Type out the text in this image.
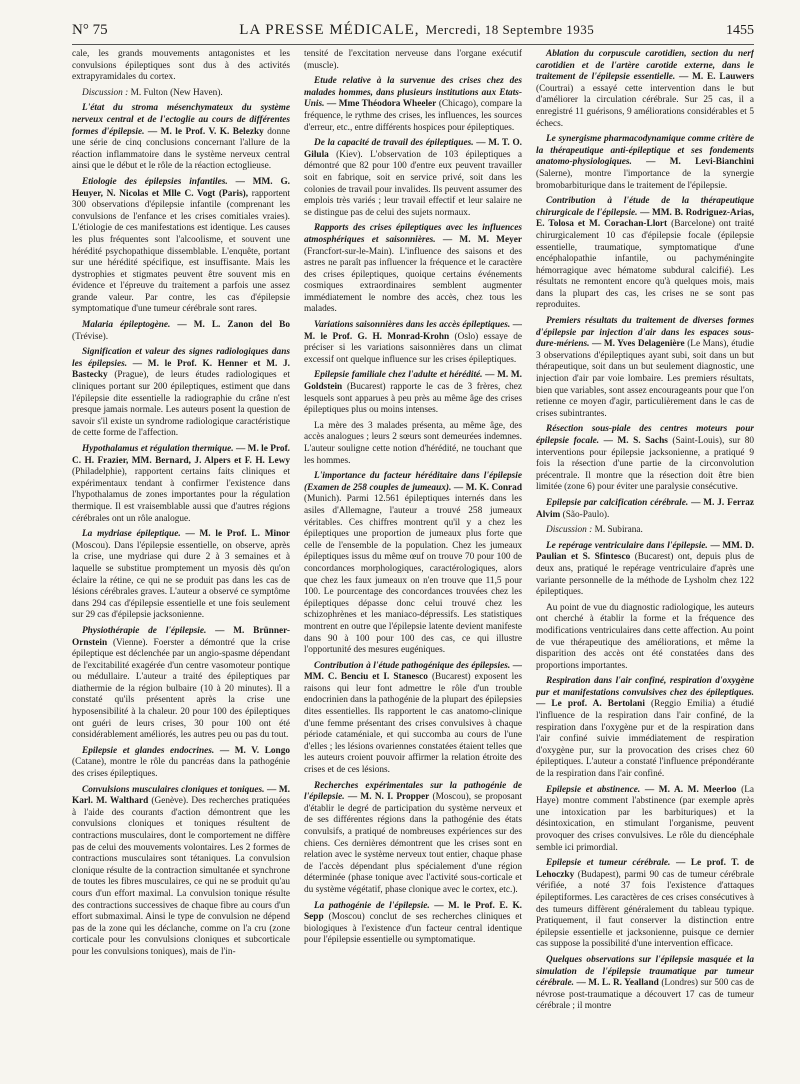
N° 75	LA PRESSE MÉDICALE, Mercredi, 18 Septembre 1935	1455

cale, les grands mouvements antagonistes et les convulsions épileptiques sont dus à des activités extrapyramidales du cortex.

Discussion : M. Fulton (New Haven).

L'état du stroma mésenchymateux du système nerveux central et de l'ectoglie au cours de différentes formes d'épilepsie. — M. le Prof. V. K. Belezky donne une série de cinq conclusions concernant l'allure de la réaction inflammatoire dans le système nerveux central ainsi que le début et le rôle de la réaction ectoglieuse.

Etiologie des épilepsies infantiles. — MM. G. Heuyer, N. Nicolas et Mlle C. Vogt (Paris), rapportent 300 observations d'épilepsie infantile (comprenant les convulsions de l'enfance et les crises comitiales vraies). L'étiologie de ces manifestations est identique. Les causes les plus fréquentes sont l'alcoolisme, et souvent une hérédité psychopathique dissemblable. L'enquête, portant sur une hérédité spécifique, est insuffisante. Mais les dystrophies et stigmates peuvent être souvent mis en évidence et l'épreuve du traitement a parfois une assez grande valeur. Par contre, les cas d'épilepsie symptomatique d'une tumeur cérébrale sont rares.

Malaria épileptogène. — M. L. Zanon del Bo (Trévise).

Signification et valeur des signes radiologiques dans les épilepsies. — M. le Prof. K. Henner et M. J. Bastecky (Prague), de leurs études radiologiques et cliniques portant sur 200 épileptiques, estiment que dans l'épilepsie dite essentielle la radiographie du crâne n'est presque jamais normale. Les auteurs posent la question de savoir s'il existe un syndrome radiologique caractéristique de cette forme de l'affection.

Hypothalamus et régulation thermique. — M. le Prof. C. H. Frazier, MM. Bernard, J. Alpers et F. H. Lewy (Philadelphie), rapportent certains faits cliniques et expérimentaux tendant à confirmer l'existence dans l'hypothalamus de zones importantes pour la régulation thermique. Il est vraisemblable aussi que d'autres régions cérébrales ont un rôle analogue.

La mydriase épileptique. — M. le Prof. L. Minor (Moscou). Dans l'épilepsie essentielle, on observe, après la crise, une mydriase qui dure 2 à 3 semaines et à laquelle se substitue promptement un myosis dès qu'on éclaire la rétine, ce qui ne se produit pas dans les cas de lésions cérébrales graves. L'auteur a observé ce symptôme dans 294 cas d'épilepsie essentielle et une fois seulement sur 29 cas d'épilepsie jacksonienne.

Physiothérapie de l'épilepsie. — M. Brünner-Ornstein (Vienne). Foerster a démontré que la crise épileptique est déclenchée par un angio-spasme dépendant de l'excitabilité exagérée d'un centre vasomoteur pontique ou médullaire. L'auteur a traité des épileptiques par diathermie de la région bulbaire (10 à 20 minutes). Il a constaté qu'ils présentent après la crise une hyposensibilité à la chaleur. 20 pour 100 des épileptiques ont guéri de leurs crises, 30 pour 100 ont été considérablement améliorés, les autres peu ou pas du tout.

Epilepsie et glandes endocrines. — M. V. Longo (Catane), montre le rôle du pancréas dans la pathogénie des crises épileptiques.

Convulsions musculaires cloniques et toniques. — M. Karl. M. Walthard (Genève). Des recherches pratiquées à l'aide des courants d'action démontrent que les convulsions cloniques et toniques résultent de contractions musculaires, dont le comportement ne diffère pas de celui des mouvements volontaires. Les 2 formes de contractions musculaires sont tétaniques. La convulsion clonique résulte de la contraction simultanée et synchrone de toutes les fibres musculaires, ce qui ne se produit qu'au cours d'un effort maximal. La convulsion tonique résulte des contractions successives de chaque fibre au cours d'un effort submaximal. Ainsi le type de convulsion ne dépend pas de la zone qui les déclanche, comme on l'a cru (zone corticale pour les convulsions cloniques et subcorticale pour les convulsions toniques), mais de l'in-

tensité de l'excitation nerveuse dans l'organe exécutif (muscle).

Etude relative à la survenue des crises chez des malades hommes, dans plusieurs institutions aux Etats-Unis. — Mme Théodora Wheeler (Chicago), compare la fréquence, le rythme des crises, les influences, les sources d'erreur, etc., entre différents hospices pour épileptiques.

De la capacité de travail des épileptiques. — M. T. O. Gilula (Kiev). L'observation de 103 épileptiques a démontré que 82 pour 100 d'entre eux peuvent travailler soit en fabrique, soit en service privé, soit dans les colonies de travail pour invalides. Ils peuvent assumer des emplois très variés ; leur travail effectif et leur salaire ne se distingue pas de celui des sujets normaux.

Rapports des crises épileptiques avec les influences atmosphériques et saisonnières. — M. M. Meyer (Francfort-sur-le-Main). L'influence des saisons et des astres ne paraît pas influencer la fréquence et le caractère des crises épileptiques, quoique certains événements cosmiques extraordinaires semblent augmenter immédiatement le nombre des accès, chez tous les malades.

Variations saisonnières dans les accès épileptiques. — M. le Prof. G. H. Monrad-Krohn (Oslo) essaye de préciser si les variations saisonnières dans un climat excessif ont quelque influence sur les crises épileptiques.

Epilepsie familiale chez l'adulte et hérédité. — M. M. Goldstein (Bucarest) rapporte le cas de 3 frères, chez lesquels sont apparues à peu près au même âge des crises épileptiques plus ou moins intenses.

La mère des 3 malades présenta, au même âge, des accès analogues ; leurs 2 sœurs sont demeurées indemnes. L'auteur souligne cette notion d'hérédité, ne touchant que les hommes.

L'importance du facteur héréditaire dans l'épilepsie (Examen de 258 couples de jumeaux). — M. K. Conrad (Munich). Parmi 12.561 épileptiques internés dans les asiles d'Allemagne, l'auteur a trouvé 258 jumeaux véritables. Ces chiffres montrent qu'il y a chez les épileptiques une proportion de jumeaux plus forte que celle de l'ensemble de la population. Chez les jumeaux épileptiques issus du même œuf on trouve 70 pour 100 de concordances morphologiques, caractérologiques, alors que chez les faux jumeaux on n'en trouve que 11,5 pour 100. Le pourcentage des concordances trouvées chez les épileptiques dépasse donc celui trouvé chez les schizophrènes et les maniaco-dépressifs. Les statistiques montrent en outre que l'épilepsie latente devient manifeste dans 90 à 100 pour 100 des cas, ce qui illustre l'opportunité des mesures eugéniques.

Contribution à l'étude pathogénique des épilepsies. — MM. C. Benciu et I. Stanesco (Bucarest) exposent les raisons qui leur font admettre le rôle d'un trouble endocrinien dans la pathogénie de la plupart des épilepsies dites essentielles. Ils rapportent le cas anatomo-clinique d'une femme présentant des crises convulsives à chaque période cataméniale, et qui succomba au cours de l'une d'elles ; les lésions ovariennes constatées étaient telles que les auteurs croient pouvoir affirmer la relation étroite des crises et de ces lésions.

Recherches expérimentales sur la pathogénie de l'épilepsie. — M. N. I. Propper (Moscou), se proposant d'établir le degré de participation du système nerveux et de ses différentes régions dans la pathogénie des états convulsifs, a pratiqué de nombreuses expériences sur des chiens. Ces dernières démontrent que les crises sont en relation avec le système nerveux tout entier, chaque phase de l'accès dépendant plus spécialement d'une région déterminée (phase tonique avec l'activité sous-corticale et du système végétatif, phase clonique avec le cortex, etc.).

La pathogénie de l'épilepsie. — M. le Prof. E. K. Sepp (Moscou) conclut de ses recherches cliniques et biologiques à l'existence d'un facteur central identique pour l'épilepsie essentielle ou symptomatique.

Ablation du corpuscule carotidien, section du nerf carotidien et de l'artère carotide externe, dans le traitement de l'épilepsie essentielle. — M. E. Lauwers (Courtrai) a essayé cette intervention dans le but d'améliorer la circulation cérébrale. Sur 25 cas, il a enregistré 11 guérisons, 9 améliorations considérables et 5 échecs.

Le synergisme pharmacodynamique comme critère de la thérapeutique anti-épileptique et ses fondements anatomo-physiologiques. — M. Levi-Bianchini (Salerne), montre l'importance de la synergie bromobarbiturique dans le traitement de l'épilepsie.

Contribution à l'étude de la thérapeutique chirurgicale de l'épilepsie. — MM. B. Rodriguez-Arias, E. Tolosa et M. Corachan-Llort (Barcelone) ont traité chirurgicalement 10 cas d'épilepsie focale (épilepsie essentielle, traumatique, symptomatique d'une encéphalopathie infantile, ou pachyméningite hémorragique avec hématome subdural calcifié). Les résultats ne remontent encore qu'à quelques mois, mais dans la plupart des cas, les crises ne se sont pas reproduites.

Premiers résultats du traitement de diverses formes d'épilepsie par injection d'air dans les espaces sous-dure-mériens. — M. Yves Delagenière (Le Mans), étudie 3 observations d'épileptiques ayant subi, soit dans un but thérapeutique, soit dans un but seulement diagnostic, une injection d'air par voie lombaire. Les premiers résultats, bien que variables, sont assez encourageants pour que l'on retienne ce moyen d'agir, particulièrement dans le cas de crises subintrantes.

Résection sous-piale des centres moteurs pour épilepsie focale. — M. S. Sachs (Saint-Louis), sur 80 interventions pour épilepsie jacksonienne, a pratiqué 9 fois la résection d'une partie de la circonvolution précentrale. Il montre que la résection doit être bien limitée (zone 6) pour éviter une paralysie consécutive.

Epilepsie par calcification cérébrale. — M. J. Ferraz Alvim (São-Paulo).

Discussion : M. Subirana.

Le repérage ventriculaire dans l'épilepsie. — MM. D. Paulian et S. Sfintesco (Bucarest) ont, depuis plus de deux ans, pratiqué le repérage ventriculaire d'après une variante personnelle de la méthode de Lysholm chez 122 épileptiques.

Au point de vue du diagnostic radiologique, les auteurs ont cherché à établir la forme et la fréquence des modifications ventriculaires dans cette affection. Au point de vue thérapeutique des améliorations, et même la disparition des accès ont été constatées dans des proportions importantes.

Respiration dans l'air confiné, respiration d'oxygène pur et manifestations convulsives chez des épileptiques. — Le prof. A. Bertolani (Reggio Emilia) a étudié l'influence de la respiration dans l'air confiné, de la respiration dans l'oxygène pur et de la respiration dans l'air confiné suivie immédiatement de respiration d'oxygène pur, sur la provocation des crises chez 60 épileptiques. L'auteur a constaté l'influence prépondérante de la respiration dans l'air confiné.

Epilepsie et abstinence. — M. A. M. Meerloo (La Haye) montre comment l'abstinence (par exemple après une intoxication par les barbituriques) et la désintoxication, en stimulant l'organisme, peuvent provoquer des crises convulsives. Le rôle du diencéphale semble ici primordial.

Epilepsie et tumeur cérébrale. — Le prof. T. de Lehoczky (Budapest), parmi 90 cas de tumeur cérébrale vérifiée, a noté 37 fois l'existence d'attaques épileptiformes. Les caractères de ces crises consécutives à des tumeurs diffèrent généralement du tableau typique. Pratiquement, il faut conserver la distinction entre épilepsie essentielle et jacksonienne, puisque ce dernier cas suppose la possibilité d'une intervention efficace.

Quelques observations sur l'épilepsie masquée et la simulation de l'épilepsie traumatique par tumeur cérébrale. — M. L. R. Yealland (Londres) sur 500 cas de névrose post-traumatique a découvert 17 cas de tumeur cérébrale ; il montre
